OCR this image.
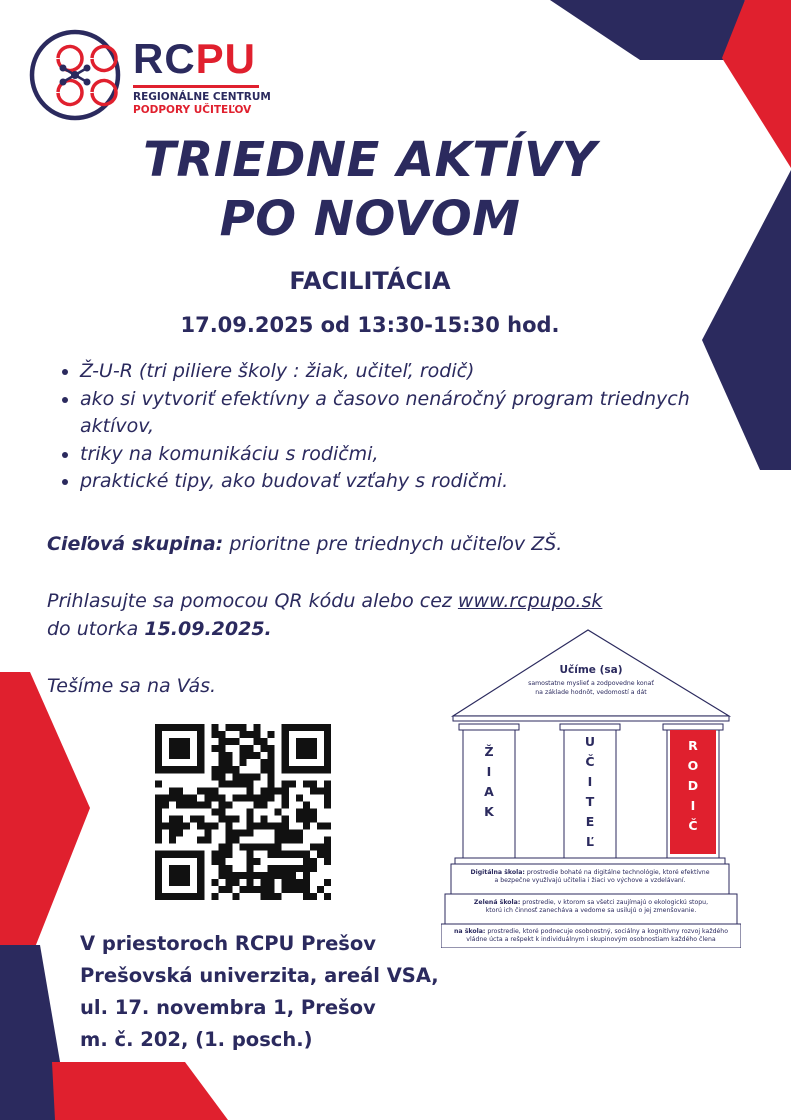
RCPU
REGIONÁLNE CENTRUM
PODPORY UČITEĽOV
TRIEDNE AKTÍVY
PO NOVOM
FACILITÁCIA
17.09.2025 od 13:30-15:30 hod.
• Ž-U-R (tri piliere školy : žiak, učiteľ, rodič)
• ako si vytvoriť efektívny a časovo nenáročný program triednych aktívov,
• triky na komunikáciu s rodičmi,
• praktické tipy, ako budovať vzťahy s rodičmi.
Cieľová skupina: prioritne pre triednych učiteľov ZŠ.
Prihlasujte sa pomocou QR kódu alebo cez www.rcpupo.sk
do utorka 15.09.2025.
Tešíme sa na Vás.
V priestoroch RCPU Prešov
Prešovská univerzita, areál VSA,
ul. 17. novembra 1, Prešov
m. č. 202, (1. posch.)
Učíme (sa)
samostatne myslieť a zodpovedne konať
na základe hodnôt, vedomostí a dát
Ž
I
A
K
U
Č
I
T
E
Ľ
R
O
D
I
Č
Digitálna škola: prostredie bohaté na digitálne technológie, ktoré efektívne
a bezpečne využívajú učitelia i žiaci vo výchove a vzdelávaní.
Zelená škola: prostredie, v ktorom sa všetci zaujímajú o ekologickú stopu,
ktorú ich činnosť zanecháva a vedome sa usilujú o jej zmenšovanie.
na škola: prostredie, ktoré podnecuje osobnostný, sociálny a kognitívny rozvoj každého
vládne úcta a rešpekt k individuálnym i skupinovým osobnostiam každého člena
